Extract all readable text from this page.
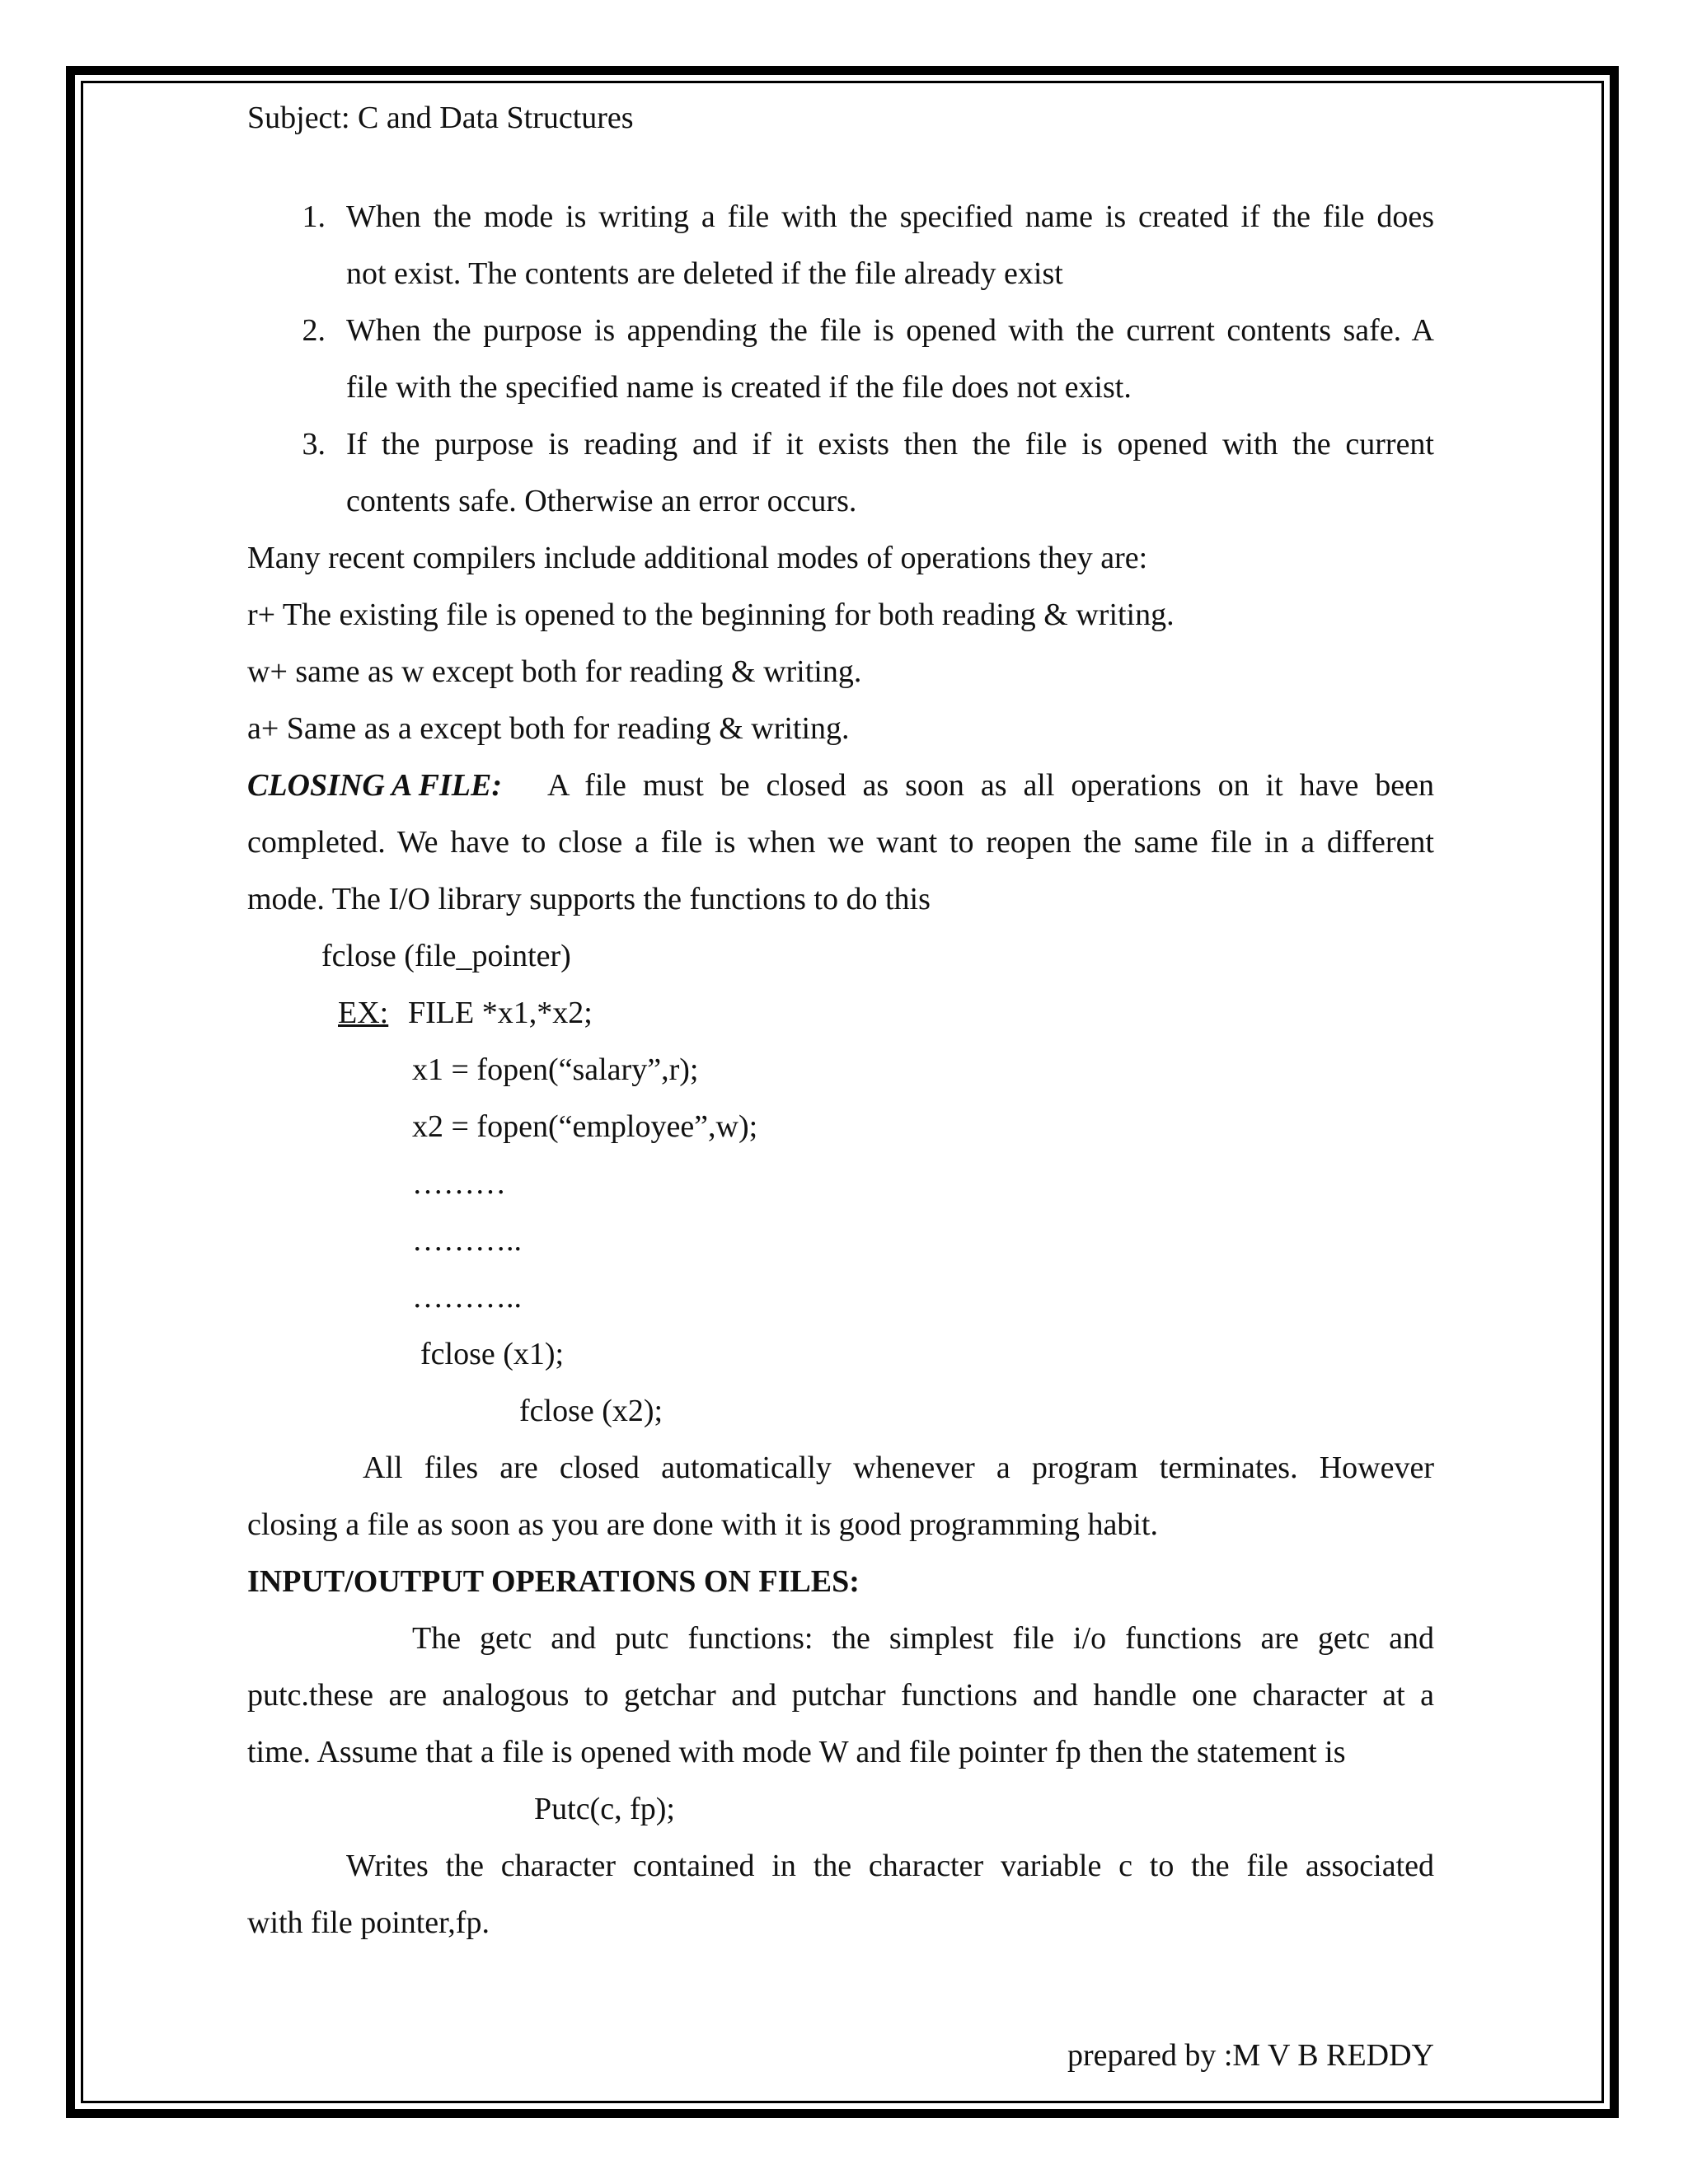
Subject: C and Data Structures
1. When the mode is writing a file with the specified name is created if the file does
not exist. The contents are deleted if the file already exist
2. When the purpose is appending the file is opened with the current contents safe. A
file with the specified name is created if the file does not exist.
3. If the purpose is reading and if it exists then the file is opened with the current
contents safe. Otherwise an error occurs.
Many recent compilers include additional modes of operations they are:
r+ The existing file is opened to the beginning for both reading & writing.
w+ same as w except both for reading & writing.
a+ Same as a except both for reading & writing.
CLOSING A FILE: A file must be closed as soon as all operations on it have been
completed. We have to close a file is when we want to reopen the same file in a different
mode. The I/O library supports the functions to do this
fclose (file_pointer)
EX: FILE *x1,*x2;
x1 = fopen(“salary”,r);
x2 = fopen(“employee”,w);
………
………..
………..
fclose (x1);
fclose (x2);
All files are closed automatically whenever a program terminates. However
closing a file as soon as you are done with it is good programming habit.
INPUT/OUTPUT OPERATIONS ON FILES:
The getc and putc functions: the simplest file i/o functions are getc and
putc.these are analogous to getchar and putchar functions and handle one character at a
time. Assume that a file is opened with mode W and file pointer fp then the statement is
Putc(c, fp);
Writes the character contained in the character variable c to the file associated
with file pointer,fp.
prepared by :M V B REDDY
